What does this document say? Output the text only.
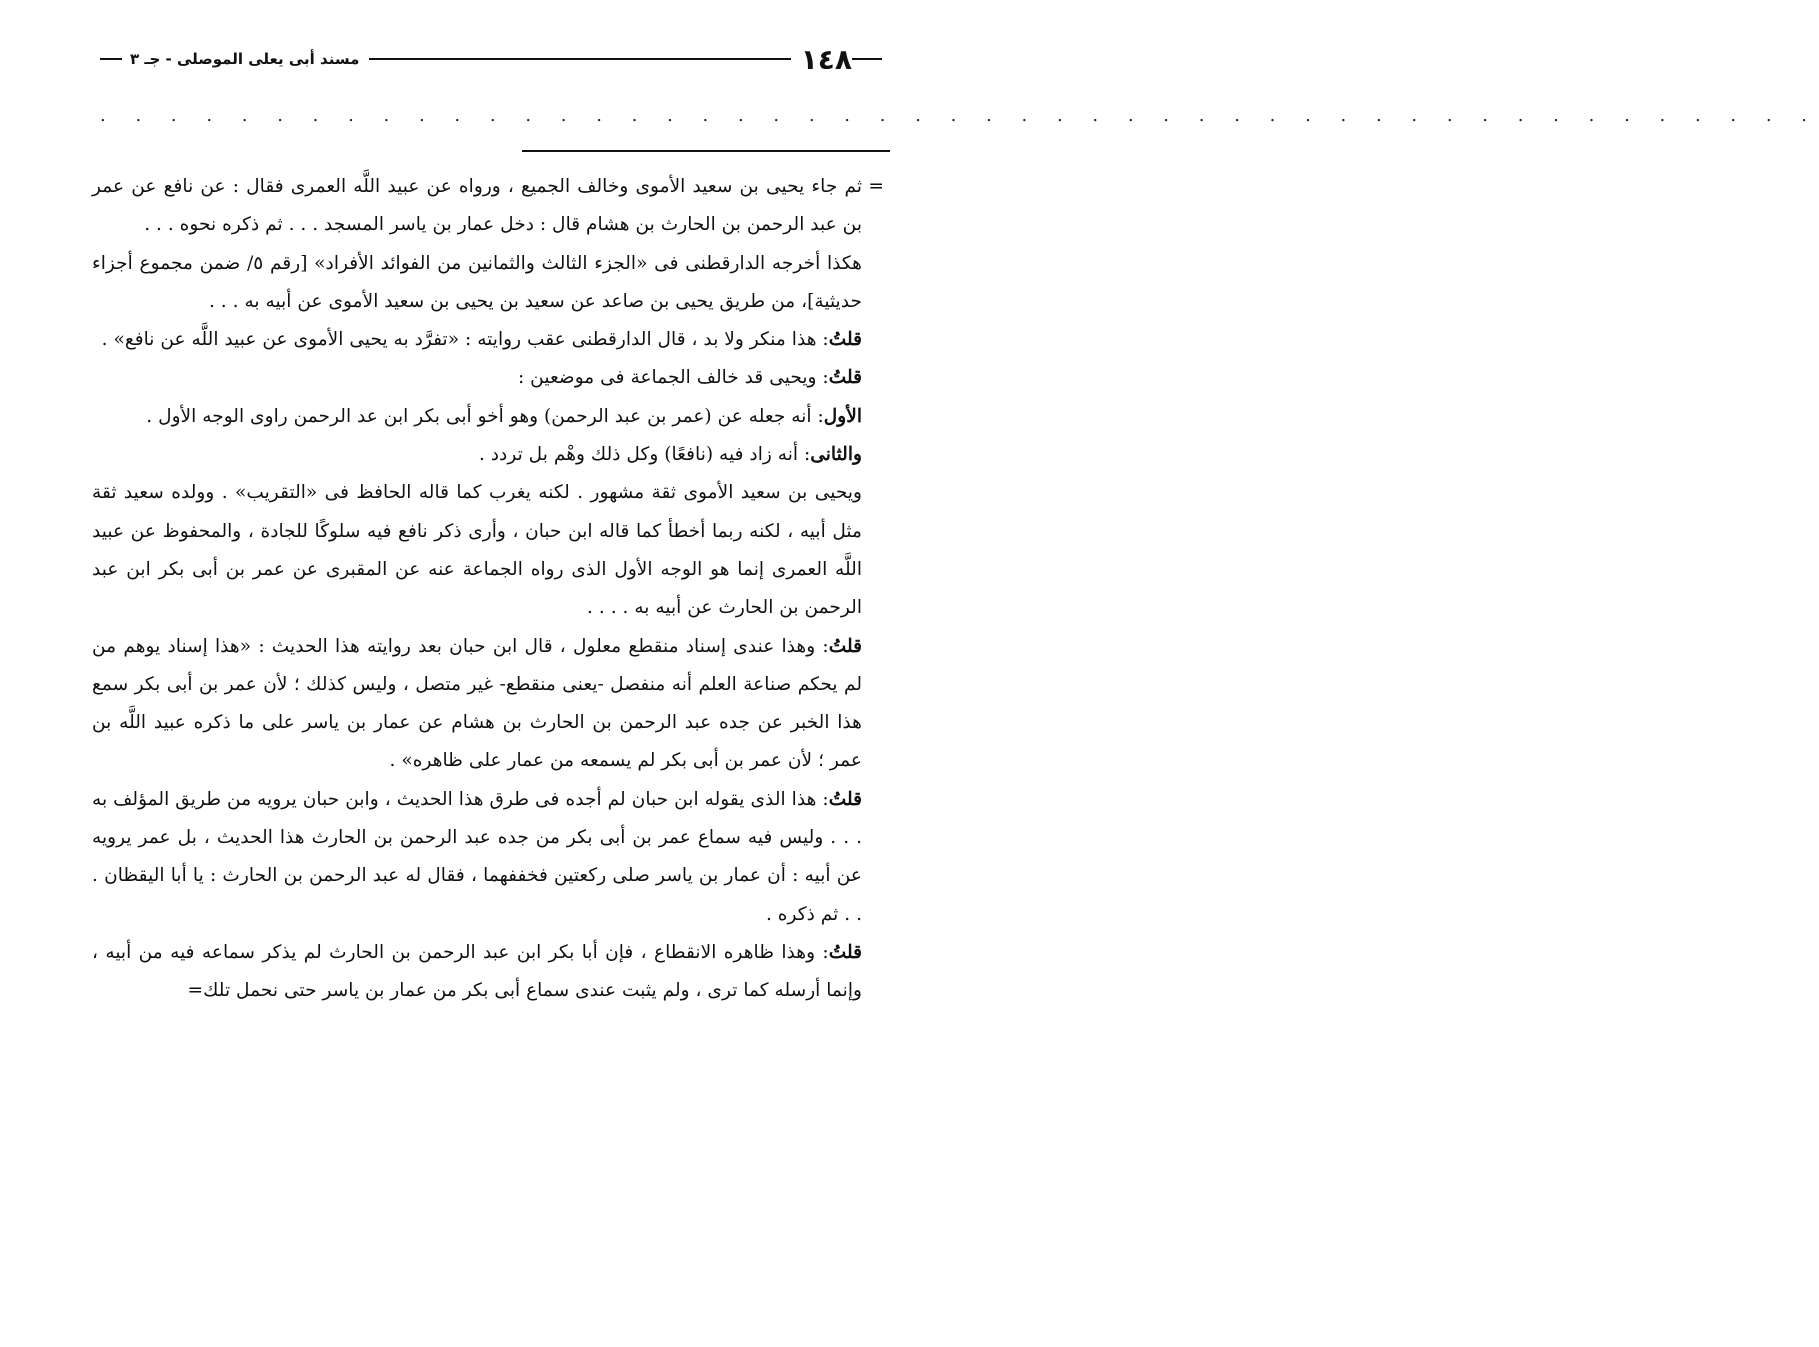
١٤٨
مسند أبى يعلى الموصلى - جـ ٣
. . . . . . . . . . . . . . . . . . . . . . . . . . . . . . . . . . . . . . . . . . . . . . . . .
=

ثم جاء يحيى بن سعيد الأموى وخالف الجميع ، ورواه عن عبيد اللَّه العمرى فقال : عن نافع عن عمر بن عبد الرحمن بن الحارث بن هشام قال : دخل عمار بن ياسر المسجد . . . ثم ذكره نحوه . . .

هكذا أخرجه الدارقطنى فى «الجزء الثالث والثمانين من الفوائد الأفراد» [رقم ٥/ ضمن مجموع أجزاء حديثية]، من طريق يحيى بن صاعد عن سعيد بن يحيى بن سعيد الأموى عن أبيه به . . .

قلتُ: هذا منكر ولا بد ، قال الدارقطنى عقب روايته : «تفرَّد به يحيى الأموى عن عبيد اللَّه عن نافع» .

قلتُ: ويحيى قد خالف الجماعة فى موضعين :

الأول: أنه جعله عن (عمر بن عبد الرحمن) وهو أخو أبى بكر ابن عد الرحمن راوى الوجه الأول .

والثانى: أنه زاد فيه (نافعًا) وكل ذلك وهْم بل تردد .

ويحيى بن سعيد الأموى ثقة مشهور . لكنه يغرب كما قاله الحافظ فى «التقريب» . وولده سعيد ثقة مثل أبيه ، لكنه ربما أخطأ كما قاله ابن حبان ، وأرى ذكر نافع فيه سلوكًا للجادة ، والمحفوظ عن عبيد اللَّه العمرى إنما هو الوجه الأول الذى رواه الجماعة عنه عن المقبرى عن عمر بن أبى بكر ابن عبد الرحمن بن الحارث عن أبيه به . . . .

قلتُ: وهذا عندى إسناد منقطع معلول ، قال ابن حبان بعد روايته هذا الحديث : «هذا إسناد يوهم من لم يحكم صناعة العلم أنه منفصل -يعنى منقطع- غير متصل ، وليس كذلك ؛ لأن عمر بن أبى بكر سمع هذا الخبر عن جده عبد الرحمن بن الحارث بن هشام عن عمار بن ياسر على ما ذكره عبيد اللَّه بن عمر ؛ لأن عمر بن أبى بكر لم يسمعه من عمار على ظاهره» .

قلتُ: هذا الذى يقوله ابن حبان لم أجده فى طرق هذا الحديث ، وابن حبان يرويه من طريق المؤلف به . . . وليس فيه سماع عمر بن أبى بكر من جده عبد الرحمن بن الحارث هذا الحديث ، بل عمر يرويه عن أبيه : أن عمار بن ياسر صلى ركعتين فخففهما ، فقال له عبد الرحمن بن الحارث : يا أبا اليقظان . . . ثم ذكره .

قلتُ: وهذا ظاهره الانقطاع ، فإن أبا بكر ابن عبد الرحمن بن الحارث لم يذكر سماعه فيه من أبيه ، وإنما أرسله كما ترى ، ولم يثبت عندى سماع أبى بكر من عمار بن ياسر حتى نحمل تلك=
